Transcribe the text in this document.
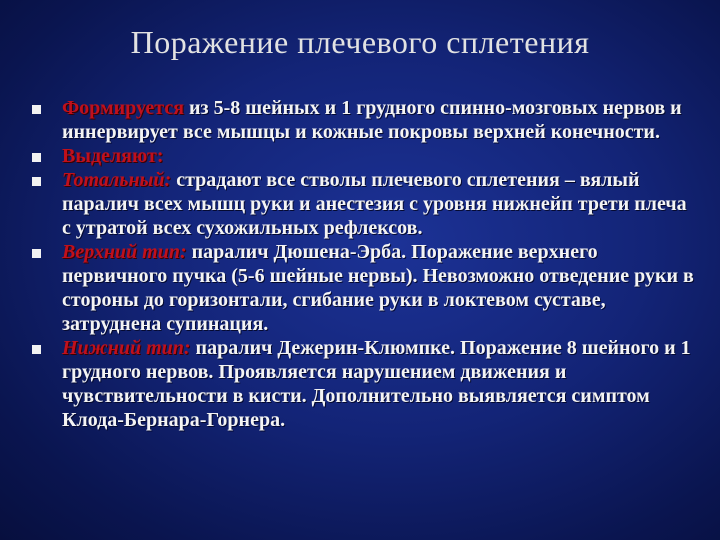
Поражение плечевого сплетения
Формируется из 5-8 шейных и 1 грудного спинно-мозговых нервов и иннервирует все мышцы и кожные покровы верхней конечности.
Выделяют:
Тотальный: страдают все стволы плечевого сплетения – вялый паралич всех мышц руки и анестезия с уровня нижнейп трети плеча с утратой всех сухожильных рефлексов.
Верхний тип: паралич Дюшена-Эрба. Поражение верхнего первичного пучка (5-6 шейные нервы). Невозможно отведение руки в стороны до горизонтали, сгибание руки в локтевом суставе, затруднена супинация.
Нижний тип: паралич Дежерин-Клюмпке. Поражение 8 шейного и 1 грудного нервов. Проявляется нарушением движения и чувствительности в кисти. Дополнительно выявляется симптом Клода-Бернара-Горнера.
